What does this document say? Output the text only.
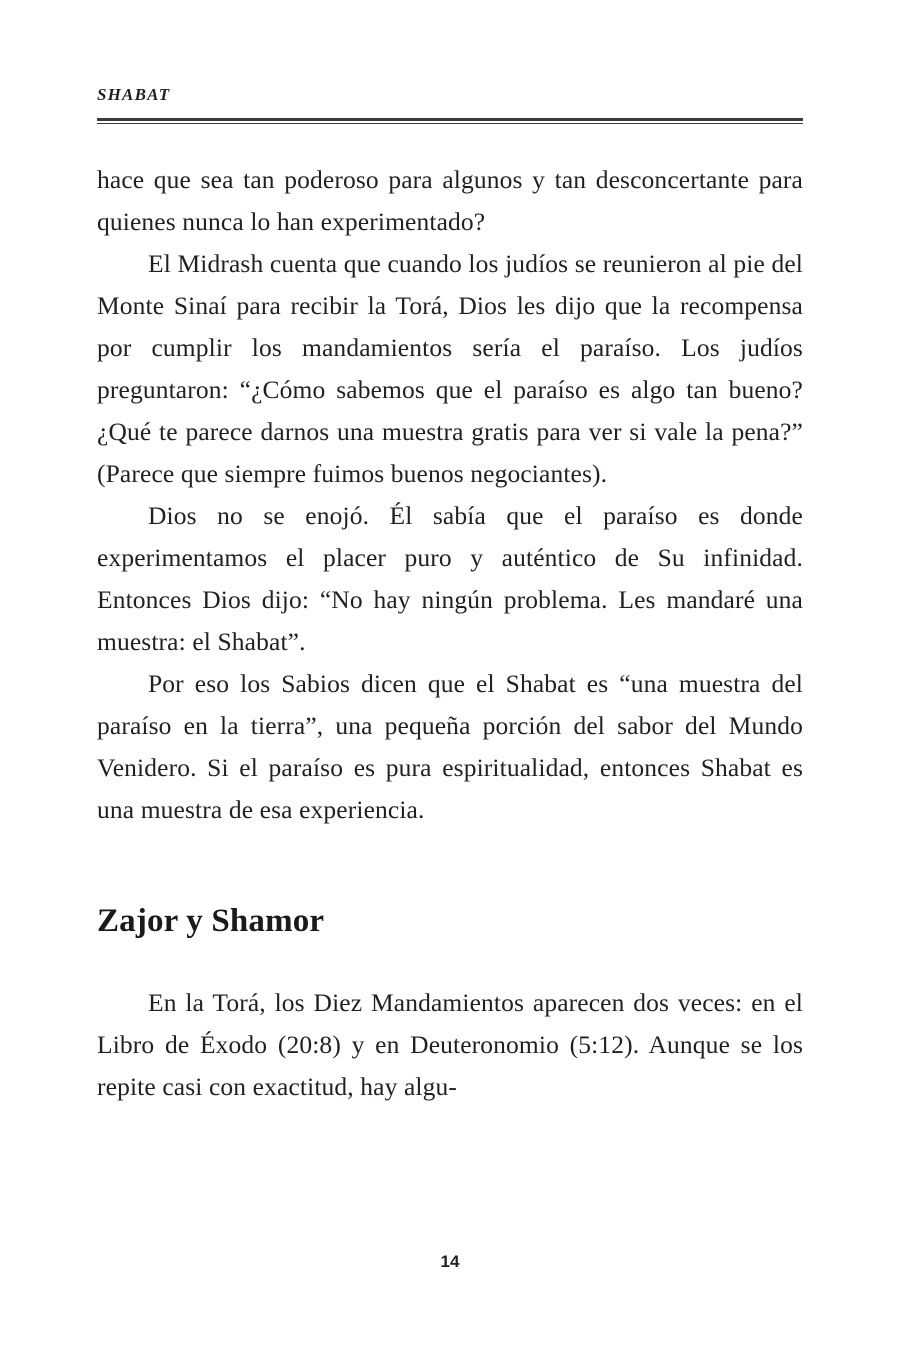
SHABAT

hace que sea tan poderoso para algunos y tan desconcertante para quienes nunca lo han experimentado?

El Midrash cuenta que cuando los judíos se reunieron al pie del Monte Sinaí para recibir la Torá, Dios les dijo que la recompensa por cumplir los mandamientos sería el paraíso. Los judíos preguntaron: “¿Cómo sabemos que el paraíso es algo tan bueno? ¿Qué te parece darnos una muestra gratis para ver si vale la pena?” (Parece que siempre fuimos buenos negociantes).

Dios no se enojó. Él sabía que el paraíso es donde experimentamos el placer puro y auténtico de Su infinidad. Entonces Dios dijo: “No hay ningún problema. Les mandaré una muestra: el Shabat”.

Por eso los Sabios dicen que el Shabat es “una muestra del paraíso en la tierra”, una pequeña porción del sabor del Mundo Venidero. Si el paraíso es pura espiritualidad, entonces Shabat es una muestra de esa experiencia.

Zajor y Shamor

En la Torá, los Diez Mandamientos aparecen dos veces: en el Libro de Éxodo (20:8) y en Deuteronomio (5:12). Aunque se los repite casi con exactitud, hay algu-

14
